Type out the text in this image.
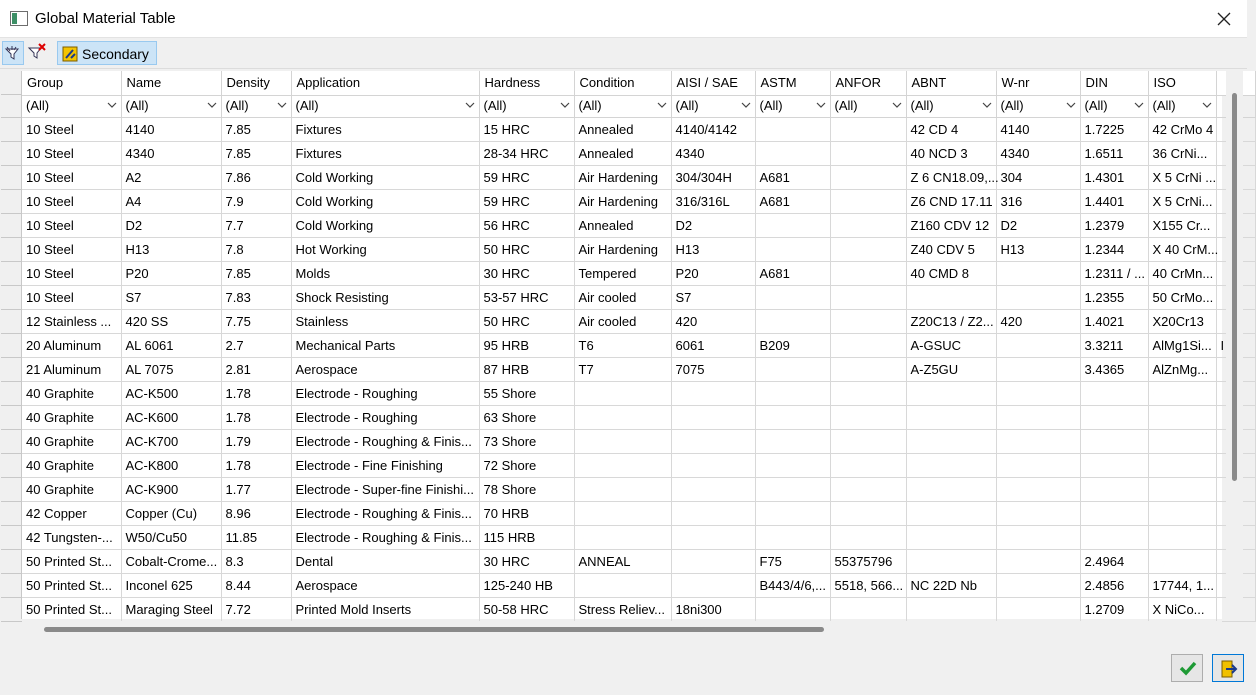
Global Material Table
Secondary
Group	Name	Density	Application	Hardness	Condition	AISI / SAE	ASTM	ANFOR	ABNT	W-nr	DIN	ISO	

(All)	(All)	(All)	(All)	(All)	(All)	(All)	(All)	(All)	(All)	(All)	(All)	(All)	

10 Steel	4140	7.85	Fixtures	15 HRC	Annealed	4140/4142			42 CD 4	4140	1.7225	42 CrMo 4	
10 Steel	4340	7.85	Fixtures	28-34 HRC	Annealed	4340			40 NCD 3	4340	1.6511	36 CrNi...	
10 Steel	A2	7.86	Cold Working	59 HRC	Air Hardening	304/304H	A681		Z 6 CN18.09,...	304	1.4301	X 5 CrNi ...	
10 Steel	A4	7.9	Cold Working	59 HRC	Air Hardening	316/316L	A681		Z6 CND 17.11	316	1.4401	X 5 CrNi...	
10 Steel	D2	7.7	Cold Working	56 HRC	Annealed	D2			Z160 CDV 12	D2	1.2379	X155 Cr...	
10 Steel	H13	7.8	Hot Working	50 HRC	Air Hardening	H13			Z40 CDV 5	H13	1.2344	X 40 CrM...	
10 Steel	P20	7.85	Molds	30 HRC	Tempered	P20	A681		40 CMD 8		1.2311 / ...	40 CrMn...	
10 Steel	S7	7.83	Shock Resisting	53-57 HRC	Air cooled	S7					1.2355	50 CrMo...	
12 Stainless ...	420 SS	7.75	Stainless	50 HRC	Air cooled	420			Z20C13 / Z2...	420	1.4021	X20Cr13	
20 Aluminum	AL 6061	2.7	Mechanical Parts	95 HRB	T6	6061	B209		A-GSUC		3.3211	AlMg1Si...	I
21 Aluminum	AL 7075	2.81	Aerospace	87 HRB	T7	7075			A-Z5GU		3.4365	AlZnMg...	
40 Graphite	AC-K500	1.78	Electrode - Roughing	55 Shore									
40 Graphite	AC-K600	1.78	Electrode - Roughing	63 Shore									
40 Graphite	AC-K700	1.79	Electrode - Roughing & Finis...	73 Shore									
40 Graphite	AC-K800	1.78	Electrode - Fine Finishing	72 Shore									
40 Graphite	AC-K900	1.77	Electrode - Super-fine Finishi...	78 Shore									
42 Copper	Copper (Cu)	8.96	Electrode - Roughing & Finis...	70 HRB									
42 Tungsten-...	W50/Cu50	11.85	Electrode - Roughing & Finis...	115 HRB									
50 Printed St...	Cobalt-Crome...	8.3	Dental	30 HRC	ANNEAL		F75	55375796			2.4964		
50 Printed St...	Inconel 625	8.44	Aerospace	125-240 HB			B443/4/6,...	5518, 566...	NC 22D Nb		2.4856	17744, 1...	
50 Printed St...	Maraging Steel	7.72	Printed Mold Inserts	50-58 HRC	Stress Reliev...	18ni300					1.2709	X NiCo...	
